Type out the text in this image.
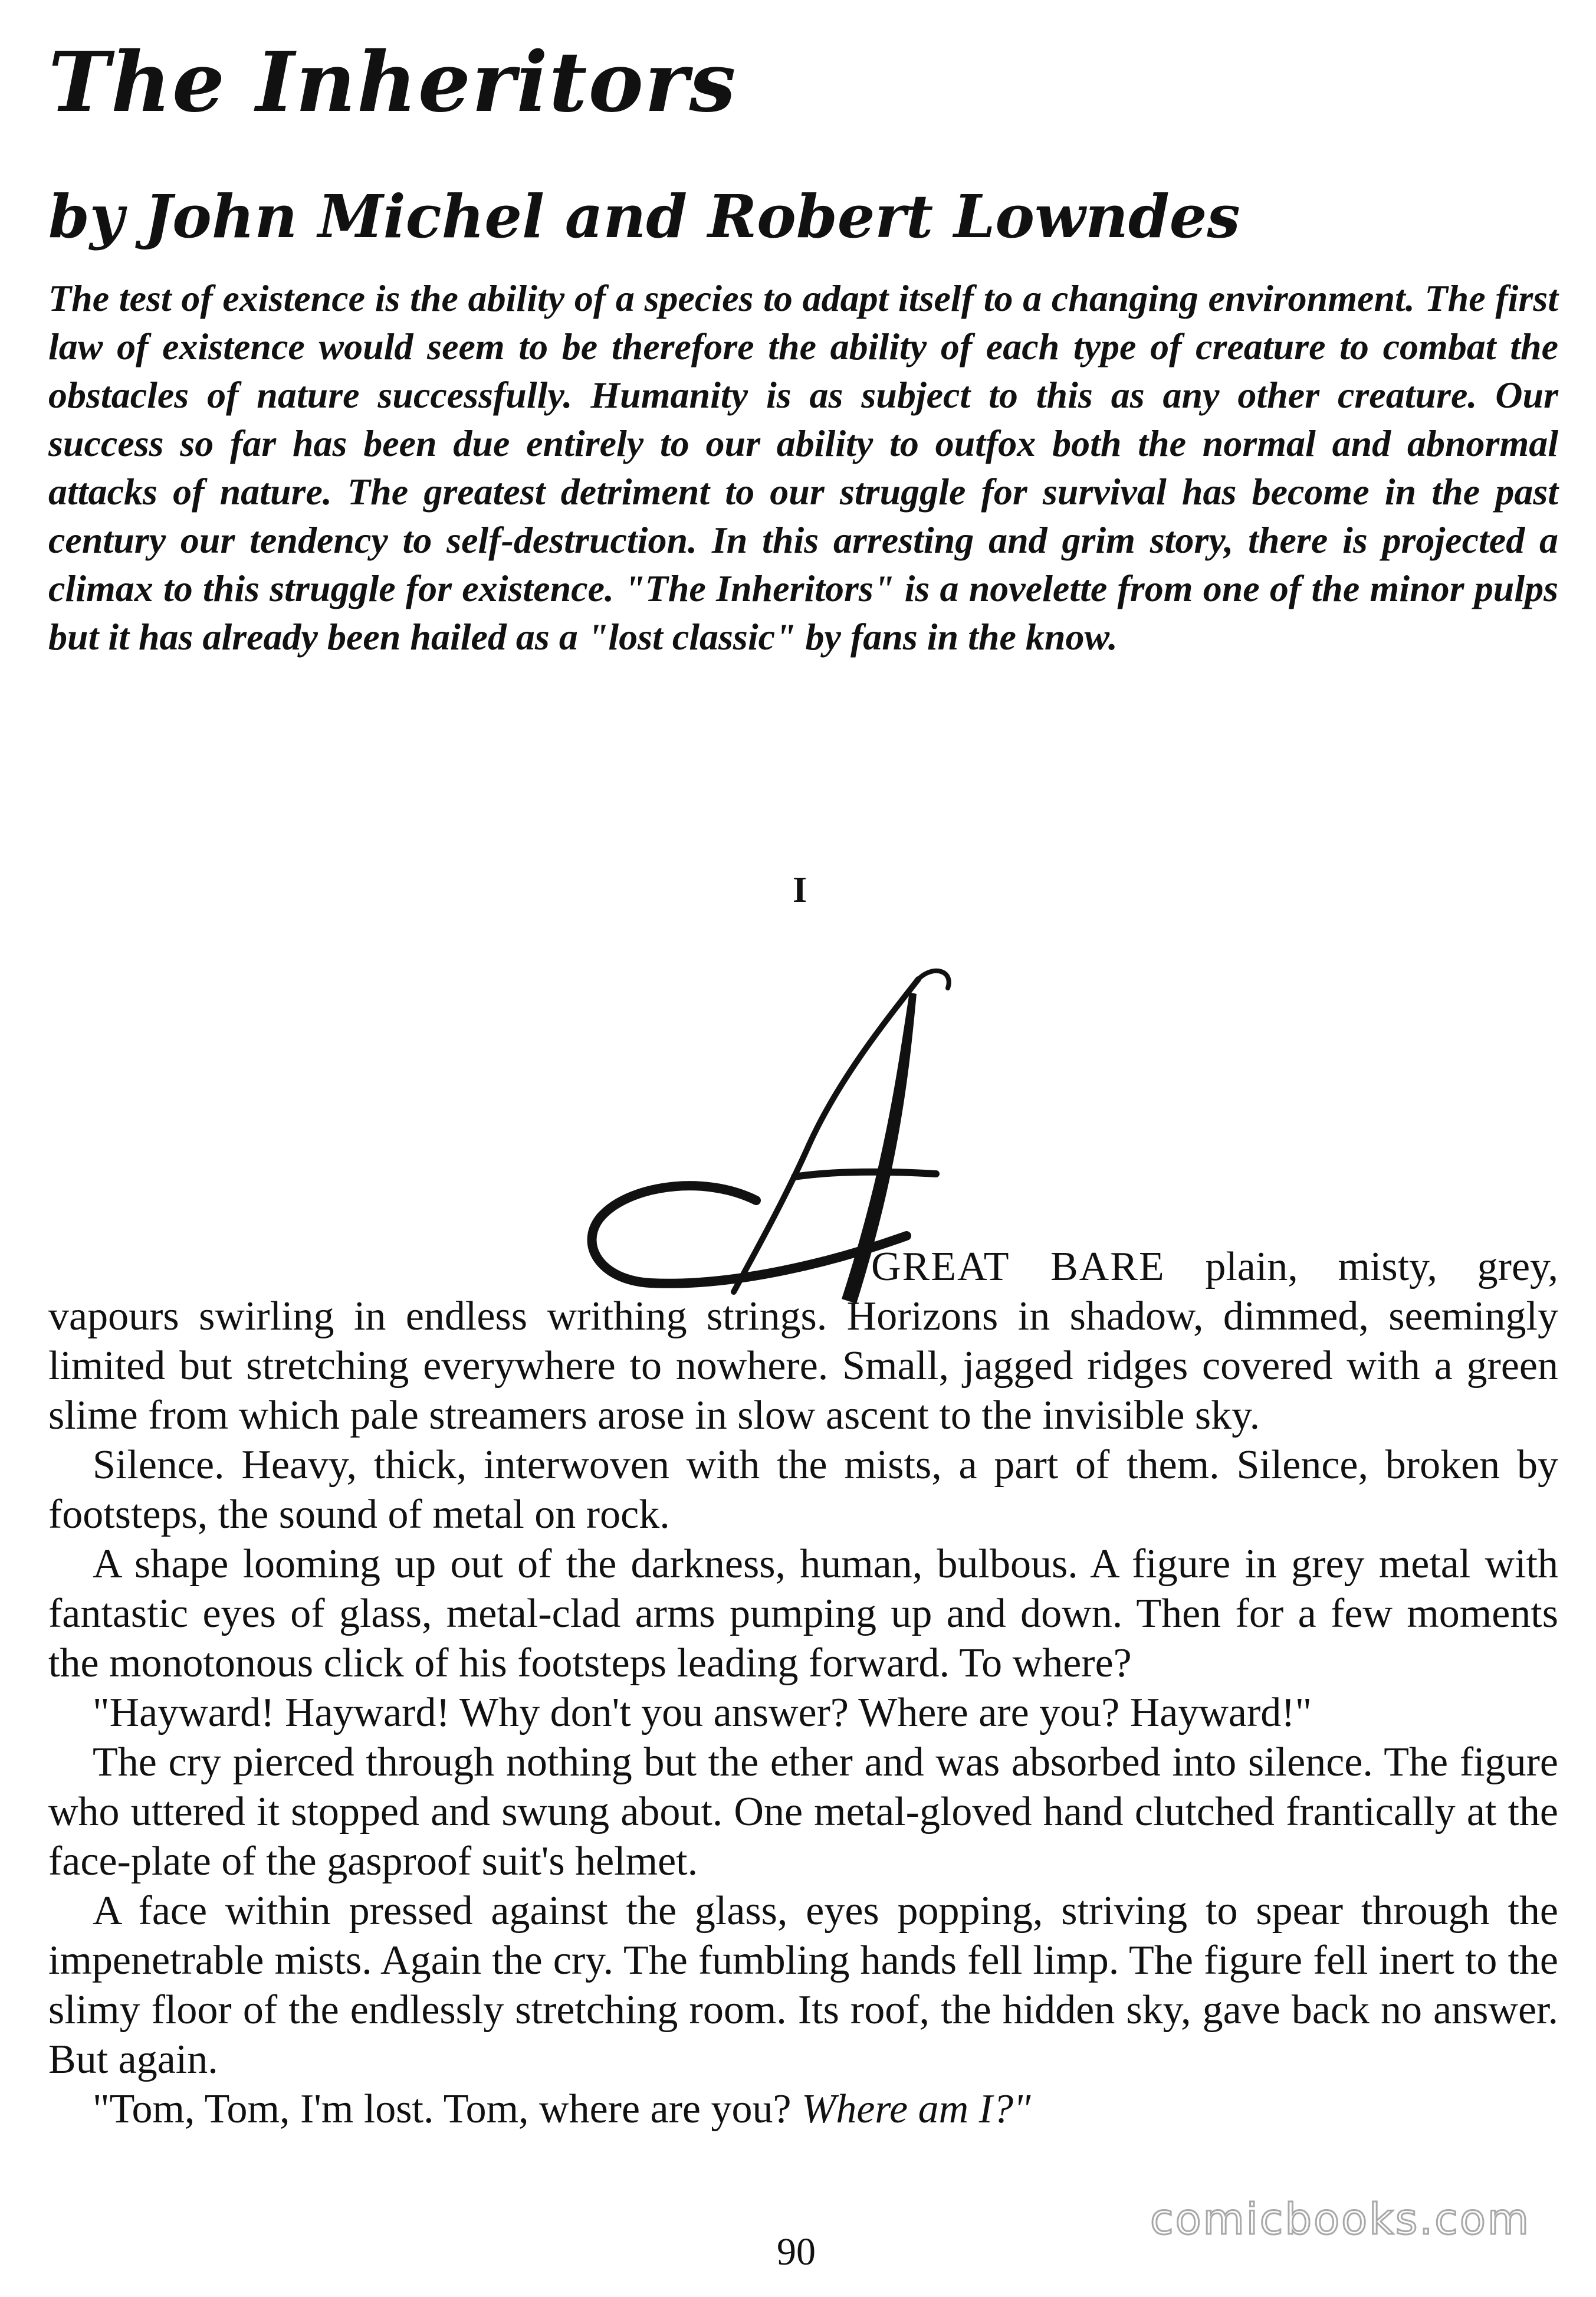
The Inheritors
by John Michel and Robert Lowndes

The test of existence is the ability of a species to adapt itself to a changing environment. The first law of existence would seem to be therefore the ability of each type of creature to combat the obstacles of nature successfully. Humanity is as subject to this as any other creature. Our success so far has been due entirely to our ability to outfox both the normal and abnormal attacks of nature. The greatest detriment to our struggle for survival has become in the past century our tendency to self-destruction. In this arresting and grim story, there is projected a climax to this struggle for existence. "The Inheritors" is a novelette from one of the minor pulps but it has already been hailed as a "lost classic" by fans in the know.

I
GREAT BARE plain, misty, grey,

vapours swirling in endless writhing strings. Horizons in shadow, dimmed, seemingly limited but stretching everywhere to nowhere. Small, jagged ridges covered with a green slime from which pale streamers arose in slow ascent to the invisible sky.

Silence. Heavy, thick, interwoven with the mists, a part of them. Silence, broken by footsteps, the sound of metal on rock.

A shape looming up out of the darkness, human, bulbous. A figure in grey metal with fantastic eyes of glass, metal-clad arms pumping up and down. Then for a few moments the monotonous click of his footsteps leading forward. To where?

"Hayward! Hayward! Why don't you answer? Where are you? Hayward!"

The cry pierced through nothing but the ether and was absorbed into silence. The figure who uttered it stopped and swung about. One metal-gloved hand clutched frantically at the face-plate of the gasproof suit's helmet.

A face within pressed against the glass, eyes popping, striving to spear through the impenetrable mists. Again the cry. The fumbling hands fell limp. The figure fell inert to the slimy floor of the endlessly stretching room. Its roof, the hidden sky, gave back no answer. But again.

"Tom, Tom, I'm lost. Tom, where are you? Where am I?"

90
comicbooks.com
